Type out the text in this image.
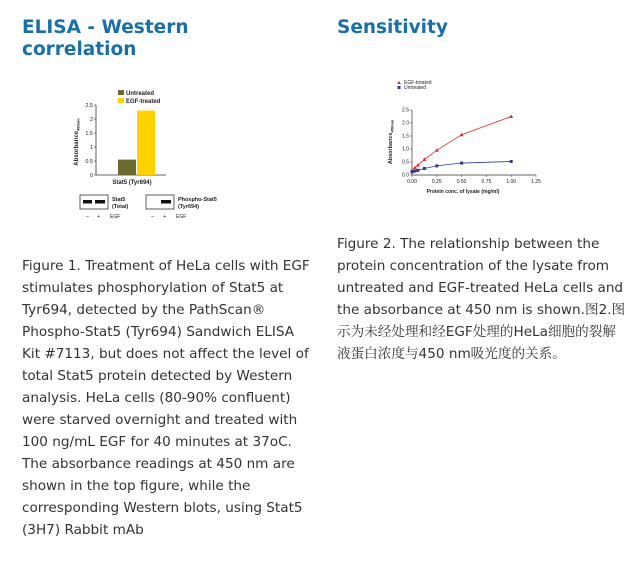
ELISA - Western
correlation
Untreated
EGF-treated
0
0.5
1
1.5
2
2.5
Absorbance$_{450nm}$
Stat5 (Tyr694)
Stat5
(Total)
– + EGF
Phospho-Stat5
(Tyr694)
– + EGF
Figure 1. Treatment of HeLa cells with EGF stimulates phosphorylation of Stat5 at Tyr694, detected by the PathScan® Phospho-Stat5 (Tyr694) Sandwich ELISA Kit #7113, but does not affect the level of total Stat5 protein detected by Western analysis. HeLa cells (80-90% confluent) were starved overnight and treated with 100 ng/mL EGF for 40 minutes at 37oC. The absorbance readings at 450 nm are shown in the top figure, while the corresponding Western blots, using Stat5 (3H7) Rabbit mAb
Sensitivity
EGF-treated
Untreated
0.0
0.5
1.0
1.5
2.0
2.5
0.00	0.25	0.50	0.75	1.00	1.25
Absorbance$_{450nm}$
Protein conc. of lysate (mg/ml)
Figure 2. The relationship between the protein concentration of the lysate from untreated and EGF-treated HeLa cells and the absorbance at 450 nm is shown.图2.图示为未经处理和经EGF处理的HeLa细胞的裂解液蛋白浓度与450 nm吸光度的关系。
